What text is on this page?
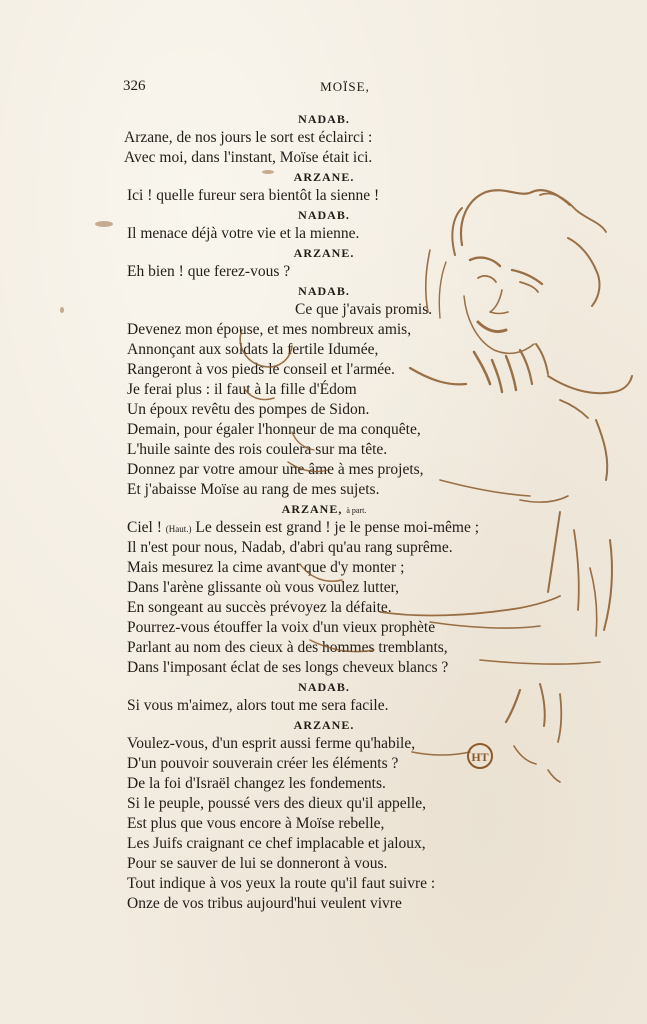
326	MOÏSE,
NADAB.
Arzane, de nos jours le sort est éclairci :
Avec moi, dans l'instant, Moïse était ici.
ARZANE.
Ici ! quelle fureur sera bientôt la sienne !
NADAB.
Il menace déjà votre vie et la mienne.
ARZANE.
Eh bien ! que ferez-vous ?
NADAB.
Ce que j'avais promis.
Devenez mon épouse, et mes nombreux amis,
Annonçant aux soldats la fertile Idumée,
Rangeront à vos pieds le conseil et l'armée.
Je ferai plus : il faut à la fille d'Édom
Un époux revêtu des pompes de Sidon.
Demain, pour égaler l'honneur de ma conquête,
L'huile sainte des rois coulera sur ma tête.
Donnez par votre amour une âme à mes projets,
Et j'abaisse Moïse au rang de mes sujets.
ARZANE, à part.
Ciel ! (Haut.) Le dessein est grand ! je le pense moi-même ;
Il n'est pour nous, Nadab, d'abri qu'au rang suprême.
Mais mesurez la cime avant que d'y monter ;
Dans l'arène glissante où vous voulez lutter,
En songeant au succès prévoyez la défaite.
Pourrez-vous étouffer la voix d'un vieux prophète
Parlant au nom des cieux à des hommes tremblants,
Dans l'imposant éclat de ses longs cheveux blancs ?
NADAB.
Si vous m'aimez, alors tout me sera facile.
ARZANE.
Voulez-vous, d'un esprit aussi ferme qu'habile,
D'un pouvoir souverain créer les éléments ?
De la foi d'Israël changez les fondements.
Si le peuple, poussé vers des dieux qu'il appelle,
Est plus que vous encore à Moïse rebelle,
Les Juifs craignant ce chef implacable et jaloux,
Pour se sauver de lui se donneront à vous.
Tout indique à vos yeux la route qu'il faut suivre :
Onze de vos tribus aujourd'hui veulent vivre
HT
